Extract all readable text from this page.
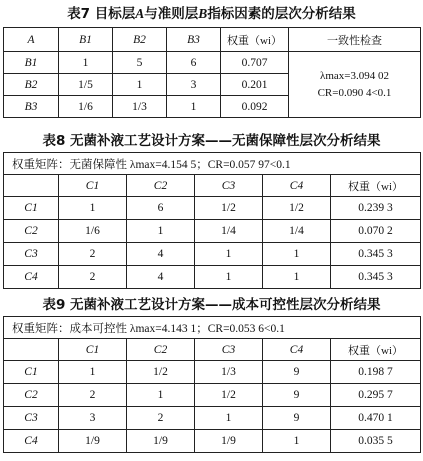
表7 目标层A与准则层B指标因素的层次分析结果
A	B1	B2	B3	权重（wi）	一致性检查
B1	1	5	6	0.707	λmax=3.094 02
CR=0.090 4<0.1

B2	1/5	1	3	0.201	
B3	1/6	1/3	1	0.092	
表8 无菌补液工艺设计方案——无菌保障性层次分析结果
权重矩阵：无菌保障性 λmax=4.154 5；CR=0.057 97<0.1					
	C1	C2	C3	C4	权重（wi）
C1	1	6	1/2	1/2	0.239 3
C2	1/6	1	1/4	1/4	0.070 2
C3	2	4	1	1	0.345 3
C4	2	4	1	1	0.345 3
表9 无菌补液工艺设计方案——成本可控性层次分析结果
权重矩阵：成本可控性 λmax=4.143 1；CR=0.053 6<0.1					
	C1	C2	C3	C4	权重（wi）
C1	1	1/2	1/3	9	0.198 7
C2	2	1	1/2	9	0.295 7
C3	3	2	1	9	0.470 1
C4	1/9	1/9	1/9	1	0.035 5
